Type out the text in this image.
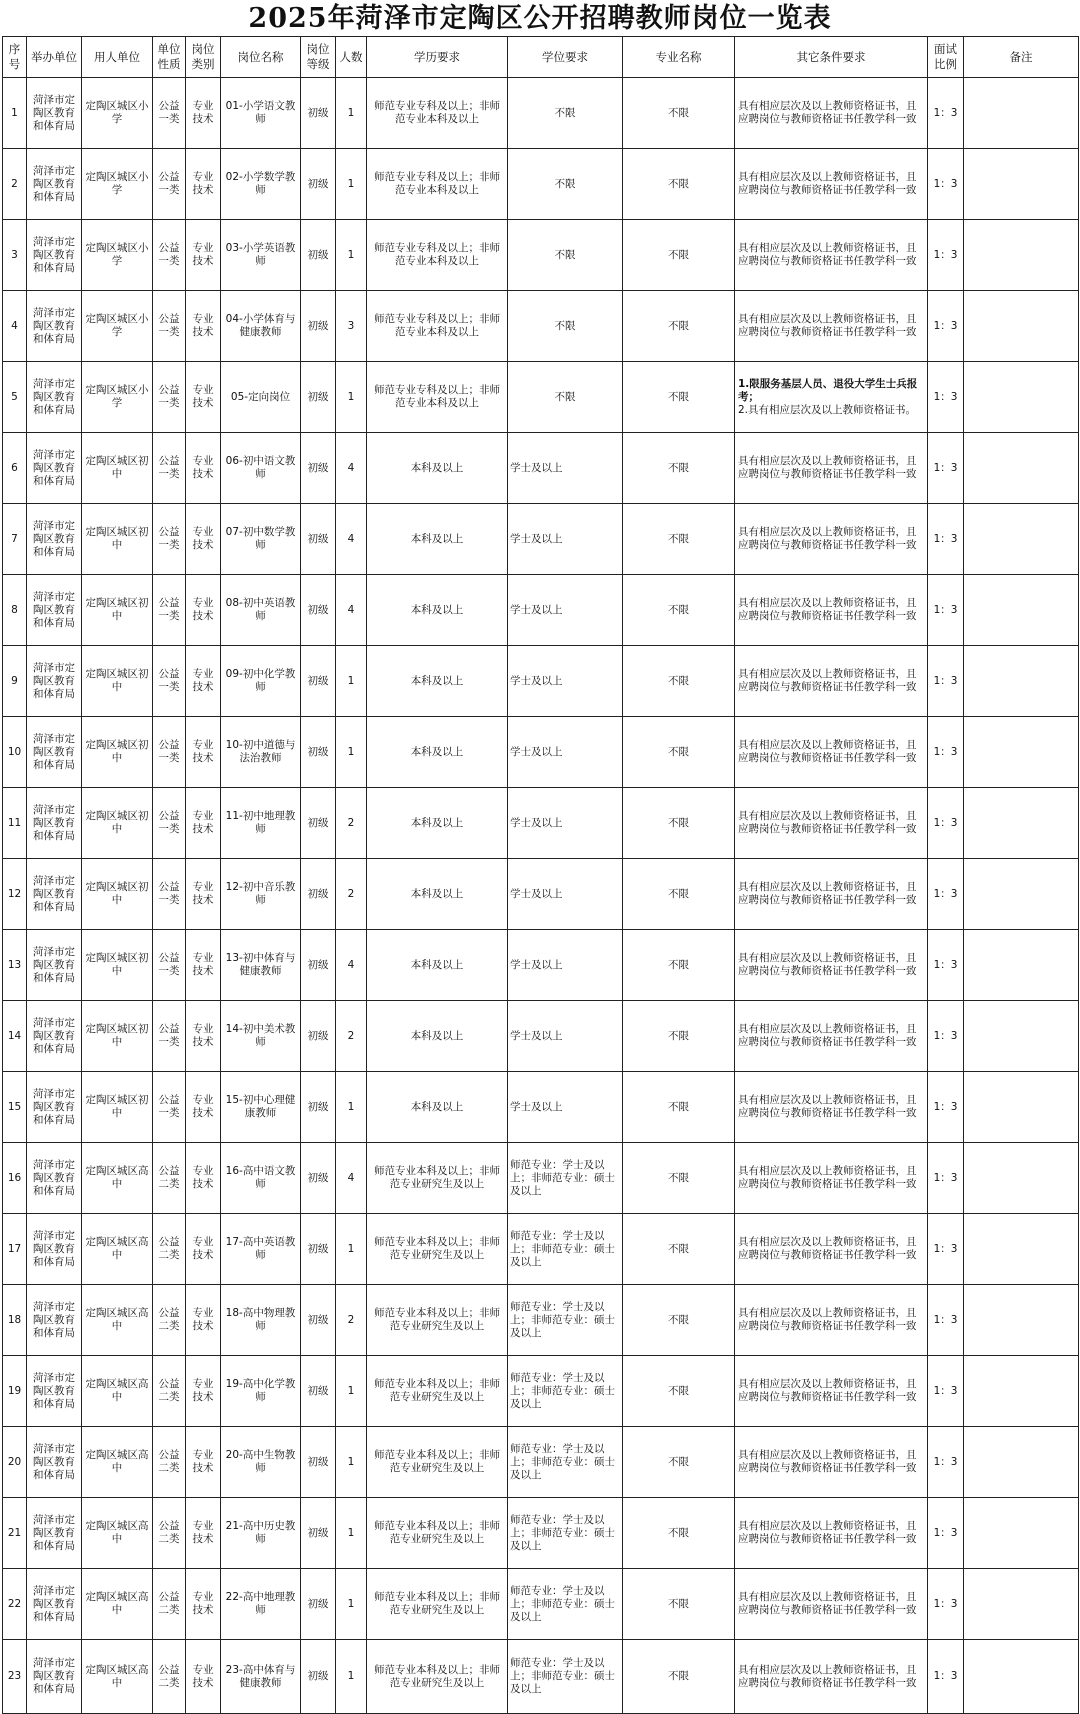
2025年菏泽市定陶区公开招聘教师岗位一览表
序号	举办单位	用人单位	单位性质	岗位类别	岗位名称	岗位等级	人数	学历要求	学位要求	专业名称	其它条件要求	面试比例	备注
1	菏泽市定陶区教育和体育局	定陶区城区小学	公益一类	专业技术	01-小学语文教师	初级	1	师范专业专科及以上；非师范专业本科及以上	不限	不限	具有相应层次及以上教师资格证书，且应聘岗位与教师资格证书任教学科一致	1：3	
2	菏泽市定陶区教育和体育局	定陶区城区小学	公益一类	专业技术	02-小学数学教师	初级	1	师范专业专科及以上；非师范专业本科及以上	不限	不限	具有相应层次及以上教师资格证书，且应聘岗位与教师资格证书任教学科一致	1：3	
3	菏泽市定陶区教育和体育局	定陶区城区小学	公益一类	专业技术	03-小学英语教师	初级	1	师范专业专科及以上；非师范专业本科及以上	不限	不限	具有相应层次及以上教师资格证书，且应聘岗位与教师资格证书任教学科一致	1：3	
4	菏泽市定陶区教育和体育局	定陶区城区小学	公益一类	专业技术	04-小学体育与健康教师	初级	3	师范专业专科及以上；非师范专业本科及以上	不限	不限	具有相应层次及以上教师资格证书，且应聘岗位与教师资格证书任教学科一致	1：3	
5	菏泽市定陶区教育和体育局	定陶区城区小学	公益一类	专业技术	05-定向岗位	初级	1	师范专业专科及以上；非师范专业本科及以上	不限	不限	1.限服务基层人员、退役大学生士兵报考；
2.具有相应层次及以上教师资格证书。	1：3	
6	菏泽市定陶区教育和体育局	定陶区城区初中	公益一类	专业技术	06-初中语文教师	初级	4	本科及以上	学士及以上	不限	具有相应层次及以上教师资格证书，且应聘岗位与教师资格证书任教学科一致	1：3	
7	菏泽市定陶区教育和体育局	定陶区城区初中	公益一类	专业技术	07-初中数学教师	初级	4	本科及以上	学士及以上	不限	具有相应层次及以上教师资格证书，且应聘岗位与教师资格证书任教学科一致	1：3	
8	菏泽市定陶区教育和体育局	定陶区城区初中	公益一类	专业技术	08-初中英语教师	初级	4	本科及以上	学士及以上	不限	具有相应层次及以上教师资格证书，且应聘岗位与教师资格证书任教学科一致	1：3	
9	菏泽市定陶区教育和体育局	定陶区城区初中	公益一类	专业技术	09-初中化学教师	初级	1	本科及以上	学士及以上	不限	具有相应层次及以上教师资格证书，且应聘岗位与教师资格证书任教学科一致	1：3	
10	菏泽市定陶区教育和体育局	定陶区城区初中	公益一类	专业技术	10-初中道德与法治教师	初级	1	本科及以上	学士及以上	不限	具有相应层次及以上教师资格证书，且应聘岗位与教师资格证书任教学科一致	1：3	
11	菏泽市定陶区教育和体育局	定陶区城区初中	公益一类	专业技术	11-初中地理教师	初级	2	本科及以上	学士及以上	不限	具有相应层次及以上教师资格证书，且应聘岗位与教师资格证书任教学科一致	1：3	
12	菏泽市定陶区教育和体育局	定陶区城区初中	公益一类	专业技术	12-初中音乐教师	初级	2	本科及以上	学士及以上	不限	具有相应层次及以上教师资格证书，且应聘岗位与教师资格证书任教学科一致	1：3	
13	菏泽市定陶区教育和体育局	定陶区城区初中	公益一类	专业技术	13-初中体育与健康教师	初级	4	本科及以上	学士及以上	不限	具有相应层次及以上教师资格证书，且应聘岗位与教师资格证书任教学科一致	1：3	
14	菏泽市定陶区教育和体育局	定陶区城区初中	公益一类	专业技术	14-初中美术教师	初级	2	本科及以上	学士及以上	不限	具有相应层次及以上教师资格证书，且应聘岗位与教师资格证书任教学科一致	1：3	
15	菏泽市定陶区教育和体育局	定陶区城区初中	公益一类	专业技术	15-初中心理健康教师	初级	1	本科及以上	学士及以上	不限	具有相应层次及以上教师资格证书，且应聘岗位与教师资格证书任教学科一致	1：3	
16	菏泽市定陶区教育和体育局	定陶区城区高中	公益二类	专业技术	16-高中语文教师	初级	4	师范专业本科及以上；非师范专业研究生及以上	师范专业：学士及以上；非师范专业：硕士及以上	不限	具有相应层次及以上教师资格证书，且应聘岗位与教师资格证书任教学科一致	1：3	
17	菏泽市定陶区教育和体育局	定陶区城区高中	公益二类	专业技术	17-高中英语教师	初级	1	师范专业本科及以上；非师范专业研究生及以上	师范专业：学士及以上；非师范专业：硕士及以上	不限	具有相应层次及以上教师资格证书，且应聘岗位与教师资格证书任教学科一致	1：3	
18	菏泽市定陶区教育和体育局	定陶区城区高中	公益二类	专业技术	18-高中物理教师	初级	2	师范专业本科及以上；非师范专业研究生及以上	师范专业：学士及以上；非师范专业：硕士及以上	不限	具有相应层次及以上教师资格证书，且应聘岗位与教师资格证书任教学科一致	1：3	
19	菏泽市定陶区教育和体育局	定陶区城区高中	公益二类	专业技术	19-高中化学教师	初级	1	师范专业本科及以上；非师范专业研究生及以上	师范专业：学士及以上；非师范专业：硕士及以上	不限	具有相应层次及以上教师资格证书，且应聘岗位与教师资格证书任教学科一致	1：3	
20	菏泽市定陶区教育和体育局	定陶区城区高中	公益二类	专业技术	20-高中生物教师	初级	1	师范专业本科及以上；非师范专业研究生及以上	师范专业：学士及以上；非师范专业：硕士及以上	不限	具有相应层次及以上教师资格证书，且应聘岗位与教师资格证书任教学科一致	1：3	
21	菏泽市定陶区教育和体育局	定陶区城区高中	公益二类	专业技术	21-高中历史教师	初级	1	师范专业本科及以上；非师范专业研究生及以上	师范专业：学士及以上；非师范专业：硕士及以上	不限	具有相应层次及以上教师资格证书，且应聘岗位与教师资格证书任教学科一致	1：3	
22	菏泽市定陶区教育和体育局	定陶区城区高中	公益二类	专业技术	22-高中地理教师	初级	1	师范专业本科及以上；非师范专业研究生及以上	师范专业：学士及以上；非师范专业：硕士及以上	不限	具有相应层次及以上教师资格证书，且应聘岗位与教师资格证书任教学科一致	1：3	
23	菏泽市定陶区教育和体育局	定陶区城区高中	公益二类	专业技术	23-高中体育与健康教师	初级	1	师范专业本科及以上；非师范专业研究生及以上	师范专业：学士及以上；非师范专业：硕士及以上	不限	具有相应层次及以上教师资格证书，且应聘岗位与教师资格证书任教学科一致	1：3	
